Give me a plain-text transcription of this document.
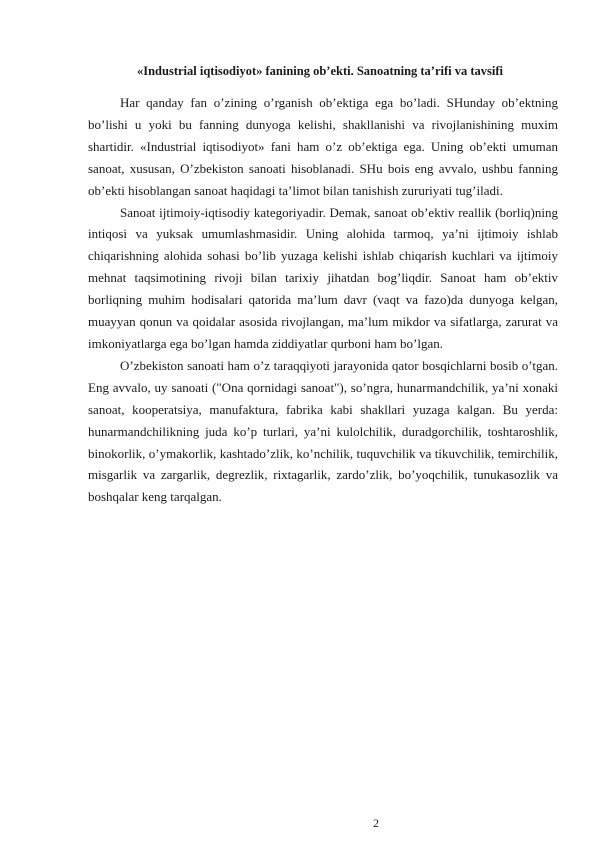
«Industrial iqtisodiyot» fanining ob’ekti. Sanoatning ta’rifi va tavsifi

Har qanday fan o’zining o’rganish ob’ektiga ega bo’ladi. SHunday ob’ektning bo’lishi u yoki bu fanning dunyoga kelishi, shakllanishi va rivojlanishining muxim shartidir. «Industrial iqtisodiyot» fani ham o’z ob’ektiga ega. Uning ob’ekti umuman sanoat, xususan, O’zbekiston sanoati hisoblanadi. SHu bois eng avvalo, ushbu fanning ob’ekti hisoblangan sanoat haqidagi ta’limot bilan tanishish zururiyati tug’iladi.

Sanoat ijtimoiy-iqtisodiy kategoriyadir. Demak, sanoat ob’ektiv reallik (borliq)ning intiqosi va yuksak umumlashmasidir. Uning alohida tarmoq, ya’ni ijtimoiy ishlab chiqarishning alohida sohasi bo’lib yuzaga kelishi ishlab chiqarish kuchlari va ijtimoiy mehnat taqsimotining rivoji bilan tarixiy jihatdan bog’liqdir. Sanoat ham ob’ektiv borliqning muhim hodisalari qatorida ma’lum davr (vaqt va fazo)da dunyoga kelgan, muayyan qonun va qoidalar asosida rivojlangan, ma’lum mikdor va sifatlarga, zarurat va imkoniyatlarga ega bo’lgan hamda ziddiyatlar qurboni ham bo’lgan.

O’zbekiston sanoati ham o’z taraqqiyoti jarayonida qator bosqichlarni bosib o’tgan. Eng avvalo, uy sanoati ("Ona qornidagi sanoat"), so’ngra, hunarmandchilik, ya’ni xonaki sanoat, kooperatsiya, manufaktura, fabrika kabi shakllari yuzaga kalgan. Bu yerda: hunarmandchilikning juda ko’p turlari, ya’ni kulolchilik, duradgorchilik, toshtaroshlik, binokorlik, o’ymakorlik, kashtado’zlik, ko’nchilik, tuquvchilik va tikuvchilik, temirchilik, misgarlik va zargarlik, degrezlik, rixtagarlik, zardo’zlik, bo’yoqchilik, tunukasozlik va boshqalar keng tarqalgan.

2
